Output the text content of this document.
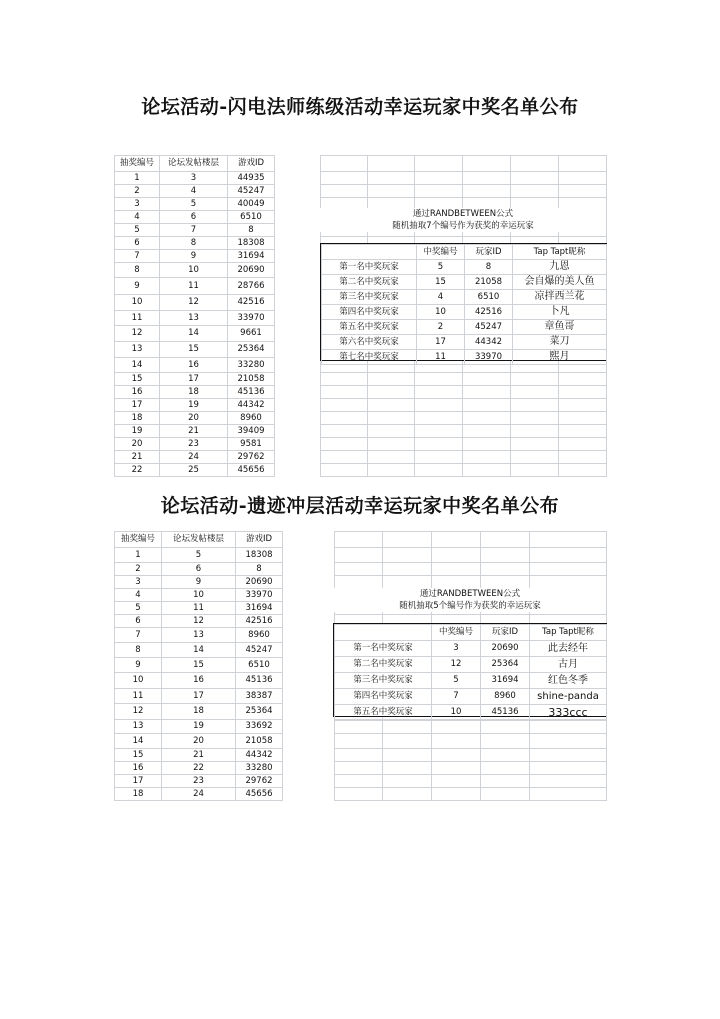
论坛活动-闪电法师练级活动幸运玩家中奖名单公布
抽奖编号	论坛发帖楼层	游戏ID
1	3	44935
2	4	45247
3	5	40049
4	6	6510
5	7	8
6	8	18308
7	9	31694
8	10	20690
9	11	28766
10	12	42516
11	13	33970
12	14	9661
13	15	25364
14	16	33280
15	17	21058
16	18	45136
17	19	44342
18	20	8960
19	21	39409
20	23	9581
21	24	29762
22	25	45656

通过RANDBETWEEN公式
随机抽取7个编号作为获奖的幸运玩家
	中奖编号	玩家ID	Tap Tapt昵称
第一名中奖玩家	5	8	九恩
第二名中奖玩家	15	21058	会自爆的美人鱼
第三名中奖玩家	4	6510	凉拌西兰花
第四名中奖玩家	10	42516	卜凡
第五名中奖玩家	2	45247	章鱼哥
第六名中奖玩家	17	44342	菜刀
第七名中奖玩家	11	33970	熙月
论坛活动-遗迹冲层活动幸运玩家中奖名单公布
抽奖编号	论坛发帖楼层	游戏ID
1	5	18308
2	6	8
3	9	20690
4	10	33970
5	11	31694
6	12	42516
7	13	8960
8	14	45247
9	15	6510
10	16	45136
11	17	38387
12	18	25364
13	19	33692
14	20	21058
15	21	44342
16	22	33280
17	23	29762
18	24	45656

通过RANDBETWEEN公式
随机抽取5个编号作为获奖的幸运玩家
	中奖编号	玩家ID	Tap Tapt昵称
第一名中奖玩家	3	20690	此去经年
第二名中奖玩家	12	25364	古月
第三名中奖玩家	5	31694	红色冬季
第四名中奖玩家	7	8960	shine-panda
第五名中奖玩家	10	45136	333ccc
